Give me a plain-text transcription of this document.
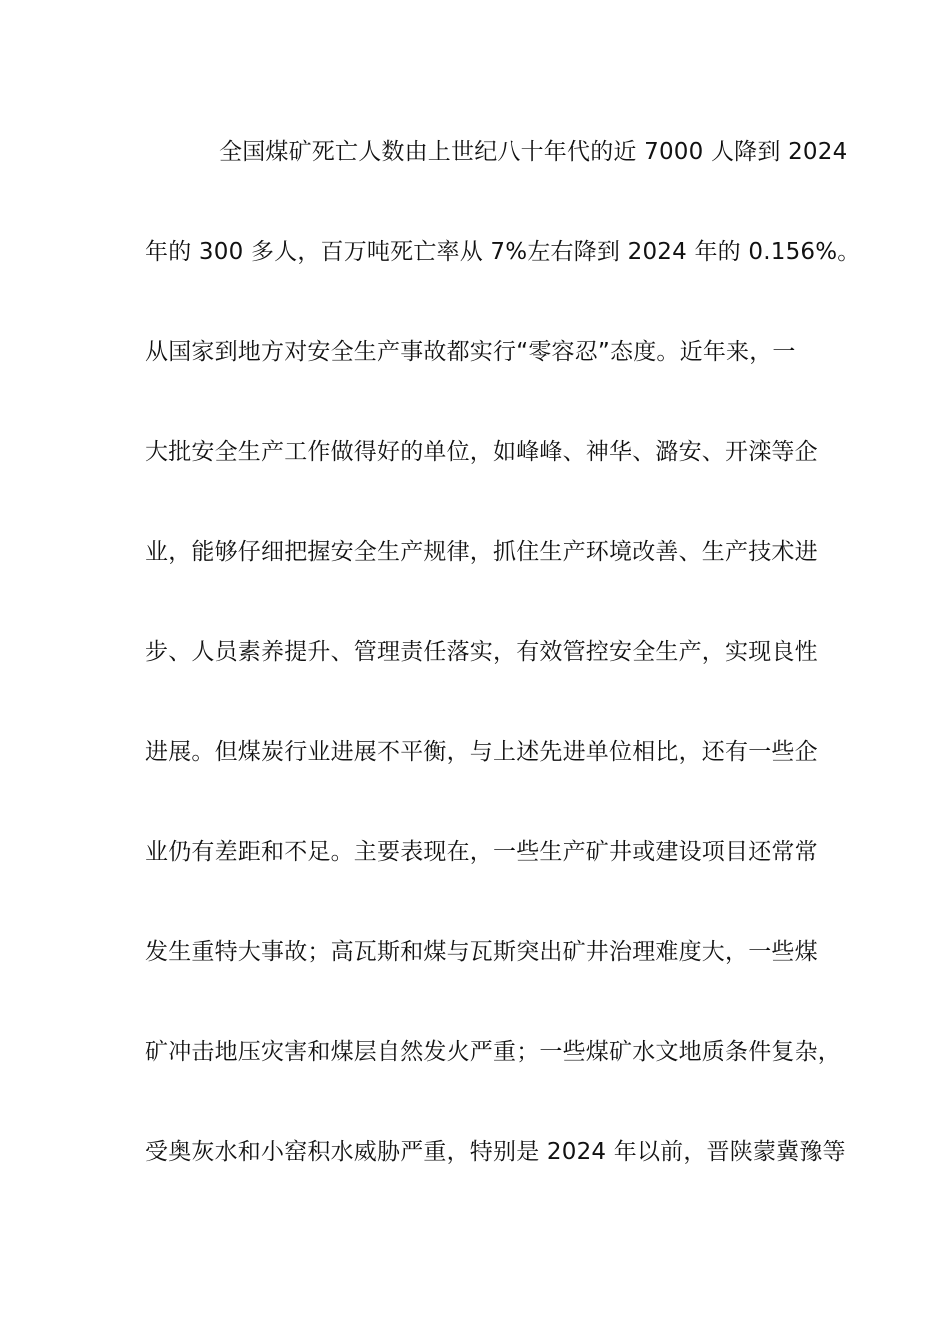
全国煤矿死亡人数由上世纪八十年代的近 7000 人降到 2024
年的 300 多人，百万吨死亡率从 7%左右降到 2024 年的 0.156%。
从国家到地方对安全生产事故都实行“零容忍”态度。近年来，一
大批安全生产工作做得好的单位，如峰峰、神华、潞安、开滦等企
业，能够仔细把握安全生产规律，抓住生产环境改善、生产技术进
步、人员素养提升、管理责任落实，有效管控安全生产，实现良性
进展。但煤炭行业进展不平衡，与上述先进单位相比，还有一些企
业仍有差距和不足。主要表现在，一些生产矿井或建设项目还常常
发生重特大事故；高瓦斯和煤与瓦斯突出矿井治理难度大，一些煤
矿冲击地压灾害和煤层自然发火严重；一些煤矿水文地质条件复杂，
受奥灰水和小窑积水威胁严重，特别是 2024 年以前，晋陕蒙冀豫等
